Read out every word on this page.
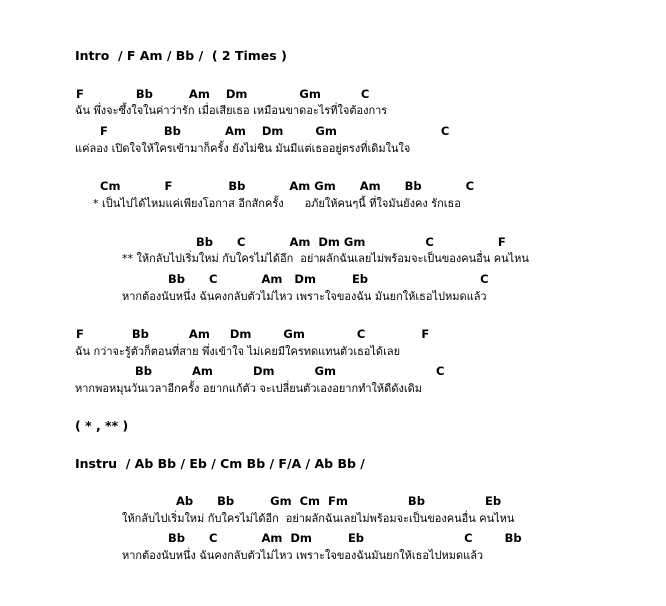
Intro  / F Am / Bb /  ( 2 Times )
F             Bb         Am    Dm             Gm          C
ฉัน พึ่งจะซึ้งใจในค่าว่ารัก เมื่อเสียเธอ เหมือนขาดอะไรที่ใจต้องการ
F              Bb           Am    Dm        Gm                          C
แค่ลอง เปิดใจให้ใครเข้ามาก็ครั้ง ยังไม่ชิน มันมีแต่เธออยู่ตรงที่เดิมในใจ
Cm           F              Bb           Am Gm      Am      Bb           C
* เป็นไปได้ไหมแค่เพียงโอกาส อีกสักครั้ง      อภัยให้คนๆนี้ ที่ใจมันยังคง รักเธอ
Bb      C           Am  Dm Gm               C                F
** ให้กลับไปเริ่มใหม่ กับใครไม่ได้อีก  อย่าผลักฉันเลยไม่พร้อมจะเป็นของคนอื่น คนไหน
Bb      C           Am   Dm         Eb                            C
หากต้องนับหนึ่ง ฉันคงกลับตัวไม่ไหว เพราะใจของฉัน มันยกให้เธอไปหมดแล้ว
F            Bb          Am     Dm        Gm             C              F
ฉัน กว่าจะรู้ตัวก็ตอนที่สาย พึ่งเข้าใจ ไม่เคยมีใครทดแทนตัวเธอได้เลย
Bb          Am          Dm          Gm                         C
หากพอหมุนวันเวลาอีกครั้ง อยากแก้ตัว จะเปลี่ยนตัวเองอยากทำให้ดีดังเดิม
( * , ** )
Instru  / Ab Bb / Eb / Cm Bb / F/A / Ab Bb /
Ab      Bb         Gm  Cm  Fm               Bb               Eb
ให้กลับไปเริ่มใหม่ กับใครไม่ได้อีก  อย่าผลักฉันเลยไม่พร้อมจะเป็นของคนอื่น คนไหน
Bb      C           Am  Dm         Eb                         C        Bb
หากต้องนับหนึ่ง ฉันคงกลับตัวไม่ไหว เพราะใจของฉันมันยกให้เธอไปหมดแล้ว
